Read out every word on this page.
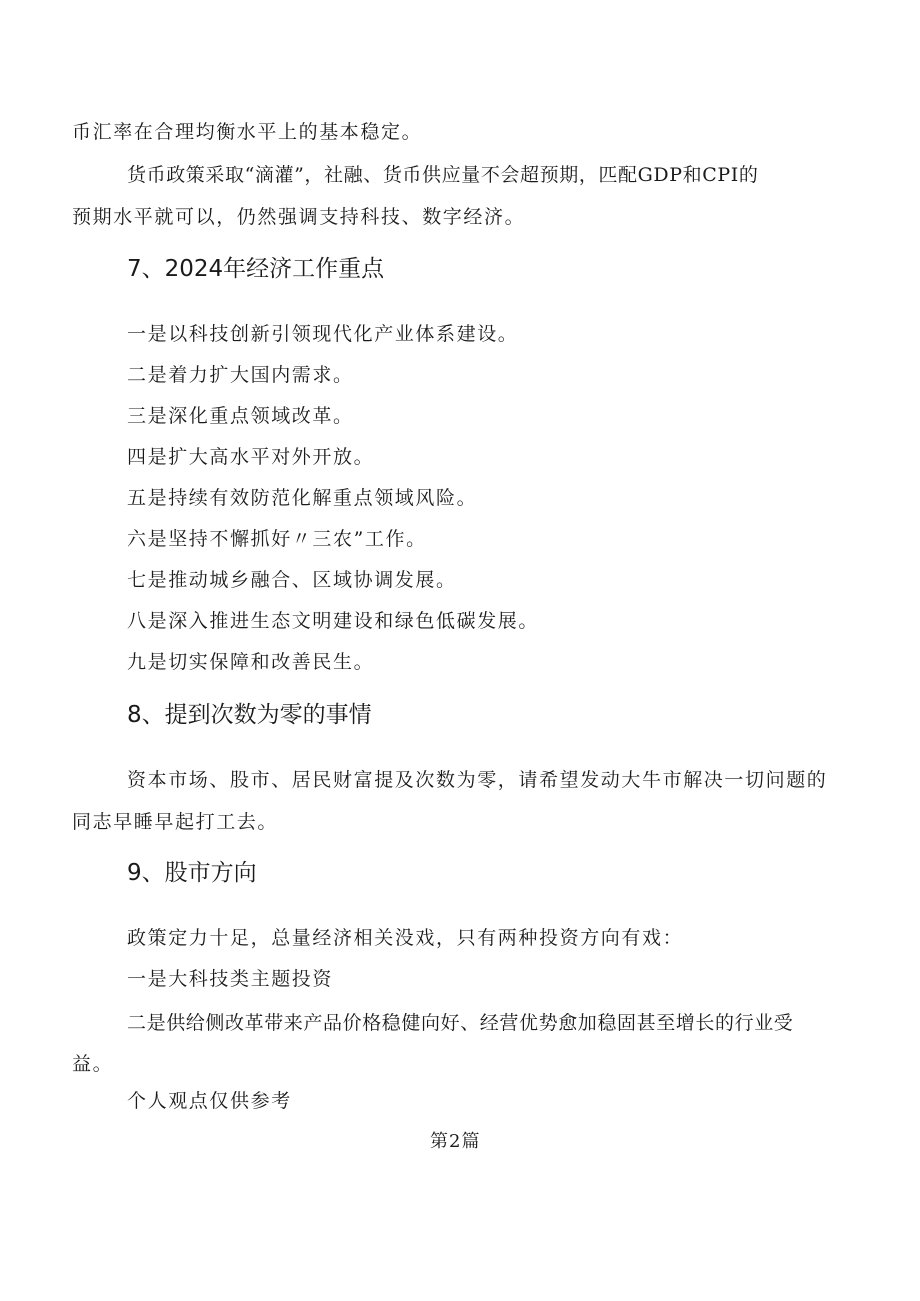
币汇率在合理均衡水平上的基本稳定。
货币政策采取“滴灌”，社融、货币供应量不会超预期，匹配GDP和CPI的
预期水平就可以，仍然强调支持科技、数字经济。
7、2024年经济工作重点
一是以科技创新引领现代化产业体系建设。
二是着力扩大国内需求。
三是深化重点领域改革。
四是扩大高水平对外开放。
五是持续有效防范化解重点领域风险。
六是坚持不懈抓好〃三农”工作。
七是推动城乡融合、区域协调发展。
八是深入推进生态文明建设和绿色低碳发展。
九是切实保障和改善民生。
8、提到次数为零的事情
资本市场、股市、居民财富提及次数为零，请希望发动大牛市解决一切问题的
同志早睡早起打工去。
9、股市方向
政策定力十足，总量经济相关没戏，只有两种投资方向有戏：
一是大科技类主题投资
二是供给侧改革带来产品价格稳健向好、经营优势愈加稳固甚至增长的行业受
益。
个人观点仅供参考
第2篇
